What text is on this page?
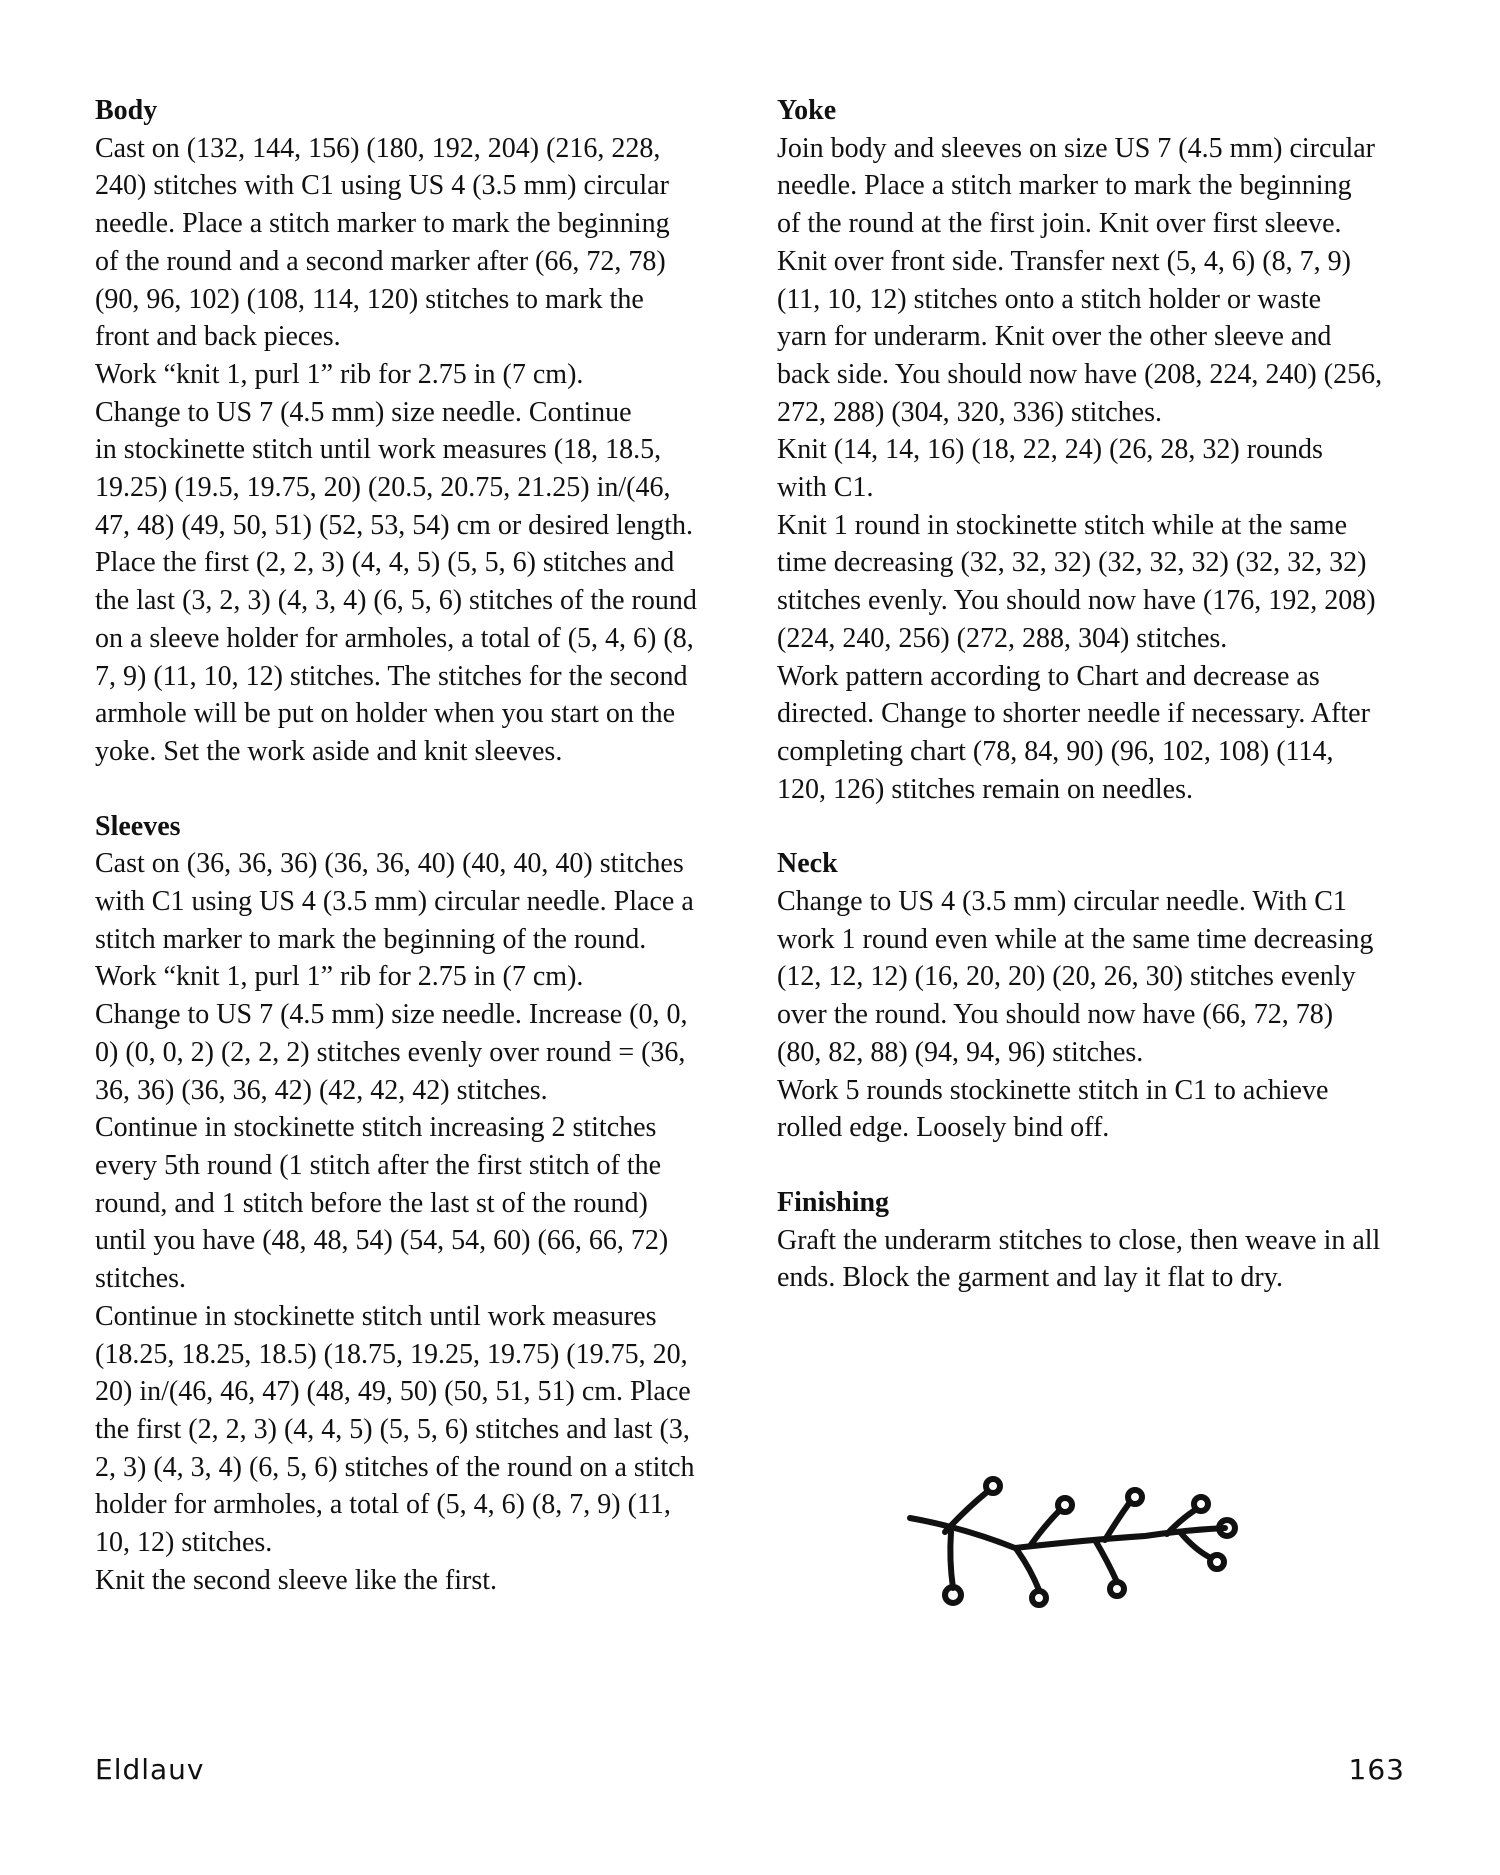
Body

Cast on (132, 144, 156) (180, 192, 204) (216, 228,
240) stitches with C1 using US 4 (3.5 mm) circular
needle. Place a stitch marker to mark the beginning
of the round and a second marker after (66, 72, 78)
(90, 96, 102) (108, 114, 120) stitches to mark the
front and back pieces.

Work “knit 1, purl 1” rib for 2.75 in (7 cm).

Change to US 7 (4.5 mm) size needle. Continue
in stockinette stitch until work measures (18, 18.5,
19.25) (19.5, 19.75, 20) (20.5, 20.75, 21.25) in/(46,
47, 48) (49, 50, 51) (52, 53, 54) cm or desired length.
Place the first (2, 2, 3) (4, 4, 5) (5, 5, 6) stitches and
the last (3, 2, 3) (4, 3, 4) (6, 5, 6) stitches of the round
on a sleeve holder for armholes, a total of (5, 4, 6) (8,
7, 9) (11, 10, 12) stitches. The stitches for the second
armhole will be put on holder when you start on the
yoke. Set the work aside and knit sleeves.

Sleeves

Cast on (36, 36, 36) (36, 36, 40) (40, 40, 40) stitches
with C1 using US 4 (3.5 mm) circular needle. Place a
stitch marker to mark the beginning of the round.

Work “knit 1, purl 1” rib for 2.75 in (7 cm).

Change to US 7 (4.5 mm) size needle. Increase (0, 0,
0) (0, 0, 2) (2, 2, 2) stitches evenly over round = (36,
36, 36) (36, 36, 42) (42, 42, 42) stitches.

Continue in stockinette stitch increasing 2 stitches
every 5th round (1 stitch after the first stitch of the
round, and 1 stitch before the last st of the round)
until you have (48, 48, 54) (54, 54, 60) (66, 66, 72)
stitches.

Continue in stockinette stitch until work measures
(18.25, 18.25, 18.5) (18.75, 19.25, 19.75) (19.75, 20,
20) in/(46, 46, 47) (48, 49, 50) (50, 51, 51) cm. Place
the first (2, 2, 3) (4, 4, 5) (5, 5, 6) stitches and last (3,
2, 3) (4, 3, 4) (6, 5, 6) stitches of the round on a stitch
holder for armholes, a total of (5, 4, 6) (8, 7, 9) (11,
10, 12) stitches.

Knit the second sleeve like the first.

Yoke

Join body and sleeves on size US 7 (4.5 mm) circular
needle. Place a stitch marker to mark the beginning
of the round at the first join. Knit over first sleeve.
Knit over front side. Transfer next (5, 4, 6) (8, 7, 9)
(11, 10, 12) stitches onto a stitch holder or waste
yarn for underarm. Knit over the other sleeve and
back side. You should now have (208, 224, 240) (256,
272, 288) (304, 320, 336) stitches.

Knit (14, 14, 16) (18, 22, 24) (26, 28, 32) rounds
with C1.

Knit 1 round in stockinette stitch while at the same
time decreasing (32, 32, 32) (32, 32, 32) (32, 32, 32)
stitches evenly. You should now have (176, 192, 208)
(224, 240, 256) (272, 288, 304) stitches.

Work pattern according to Chart and decrease as
directed. Change to shorter needle if necessary. After
completing chart (78, 84, 90) (96, 102, 108) (114,
120, 126) stitches remain on needles.

Neck

Change to US 4 (3.5 mm) circular needle. With C1
work 1 round even while at the same time decreasing
(12, 12, 12) (16, 20, 20) (20, 26, 30) stitches evenly
over the round. You should now have (66, 72, 78)
(80, 82, 88) (94, 94, 96) stitches.

Work 5 rounds stockinette stitch in C1 to achieve
rolled edge. Loosely bind off.

Finishing

Graft the underarm stitches to close, then weave in all
ends. Block the garment and lay it flat to dry.

Eldlauv	163
